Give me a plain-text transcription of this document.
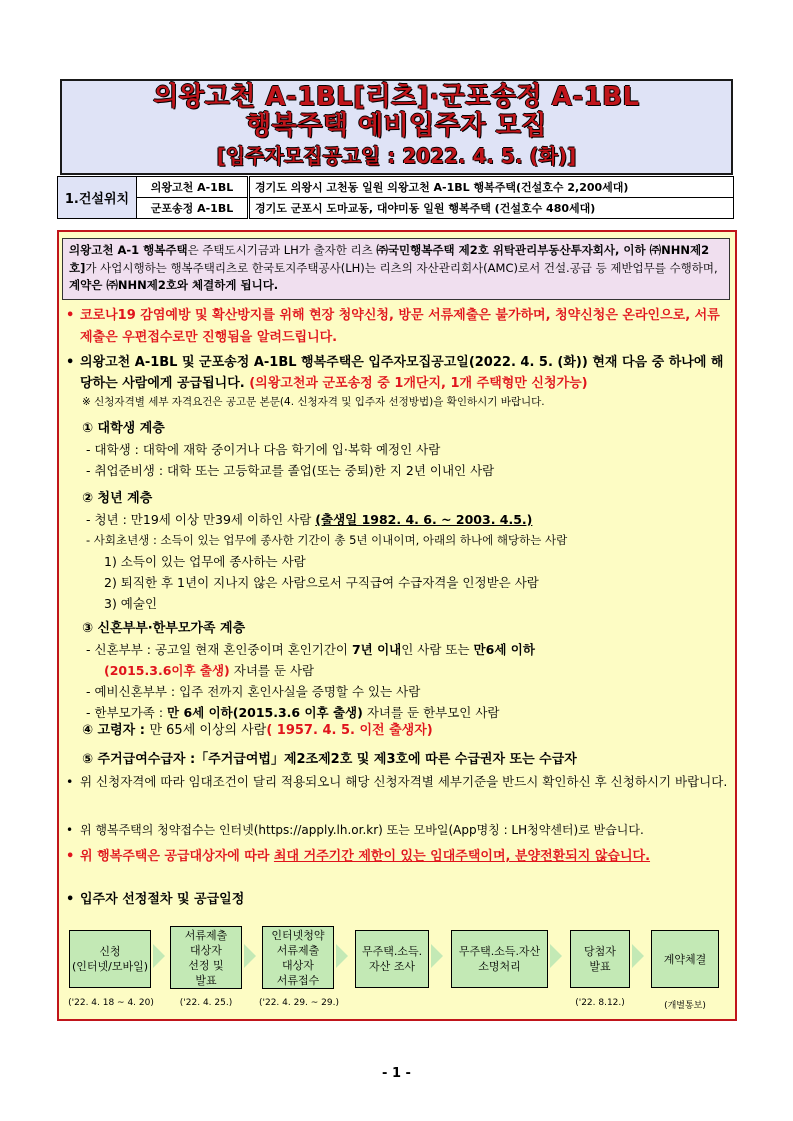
의왕고천 A-1BL[리츠]·군포송정 A-1BL
행복주택 예비입주자 모집
[입주자모집공고일 : 2022. 4. 5. (화)]
1.건설위치	의왕고천 A-1BL	경기도 의왕시 고천동 일원 의왕고천 A-1BL 행복주택(건설호수 2,200세대)
	군포송정 A-1BL	경기도 군포시 도마교동, 대야미동 일원 행복주택 (건설호수 480세대)
의왕고천 A-1 행복주택은 주택도시기금과 LH가 출자한 리츠 ㈜국민행복주택 제2호 위탁관리부동산투자회사, 이하 ㈜NHN제2호]가 사업시행하는 행복주택리츠로 한국토지주택공사(LH)는 리츠의 자산관리회사(AMC)로서 건설.공급 등 제반업무를 수행하며, 계약은 ㈜NHN제2호와 체결하게 됩니다.
• 코로나19 감염예방 및 확산방지를 위해 현장 청약신청, 방문 서류제출은 불가하며, 청약신청은 온라인으로, 서류제출은 우편접수로만 진행됨을 알려드립니다.
• 의왕고천 A-1BL 및 군포송정 A-1BL 행복주택은 입주자모집공고일(2022. 4. 5. (화)) 현재 다음 중 하나에 해당하는 사람에게 공급됩니다. (의왕고천과 군포송정 중 1개단지, 1개 주택형만 신청가능)
※ 신청자격별 세부 자격요건은 공고문 본문(4. 신청자격 및 입주자 선정방법)을 확인하시기 바랍니다.
① 대학생 계층
- 대학생 : 대학에 재학 중이거나 다음 학기에 입·복학 예정인 사람
- 취업준비생 : 대학 또는 고등학교를 졸업(또는 중퇴)한 지 2년 이내인 사람
② 청년 계층
- 청년 : 만19세 이상 만39세 이하인 사람 (출생일 1982. 4. 6. ~ 2003. 4.5.)
- 사회초년생 : 소득이 있는 업무에 종사한 기간이 총 5년 이내이며, 아래의 하나에 해당하는 사람
1) 소득이 있는 업무에 종사하는 사람
2) 퇴직한 후 1년이 지나지 않은 사람으로서 구직급여 수급자격을 인정받은 사람
3) 예술인
③ 신혼부부·한부모가족 계층
- 신혼부부 : 공고일 현재 혼인중이며 혼인기간이 7년 이내인 사람 또는 만6세 이하
(2015.3.6이후 출생) 자녀를 둔 사람
- 예비신혼부부 : 입주 전까지 혼인사실을 증명할 수 있는 사람
- 한부모가족 : 만 6세 이하(2015.3.6 이후 출생) 자녀를 둔 한부모인 사람
④ 고령자 : 만 65세 이상의 사람( 1957. 4. 5. 이전 출생자)
⑤ 주거급여수급자 :「주거급여법」제2조제2호 및 제3호에 따른 수급권자 또는 수급자
• 위 신청자격에 따라 임대조건이 달리 적용되오니 해당 신청자격별 세부기준을 반드시 확인하신 후 신청하시기 바랍니다.
• 위 행복주택의 청약접수는 인터넷(https://apply.lh.or.kr) 또는 모바일(App명칭 : LH청약센터)로 받습니다.
• 위 행복주택은 공급대상자에 따라 최대 거주기간 제한이 있는 임대주택이며, 분양전환되지 않습니다.
• 입주자 선정절차 및 공급일정
신청
(인터넷/모바일)
('22. 4. 18 ~ 4. 20)
서류제출
대상자
선정 및
발표
('22. 4. 25.)
인터넷청약
서류제출
대상자
서류접수
('22. 4. 29. ~ 29.)
무주택.소득.
자산 조사
무주택.소득.자산
소명처리
당첨자
발표
('22. 8.12.)
계약체결
(개별통보)
- 1 -
